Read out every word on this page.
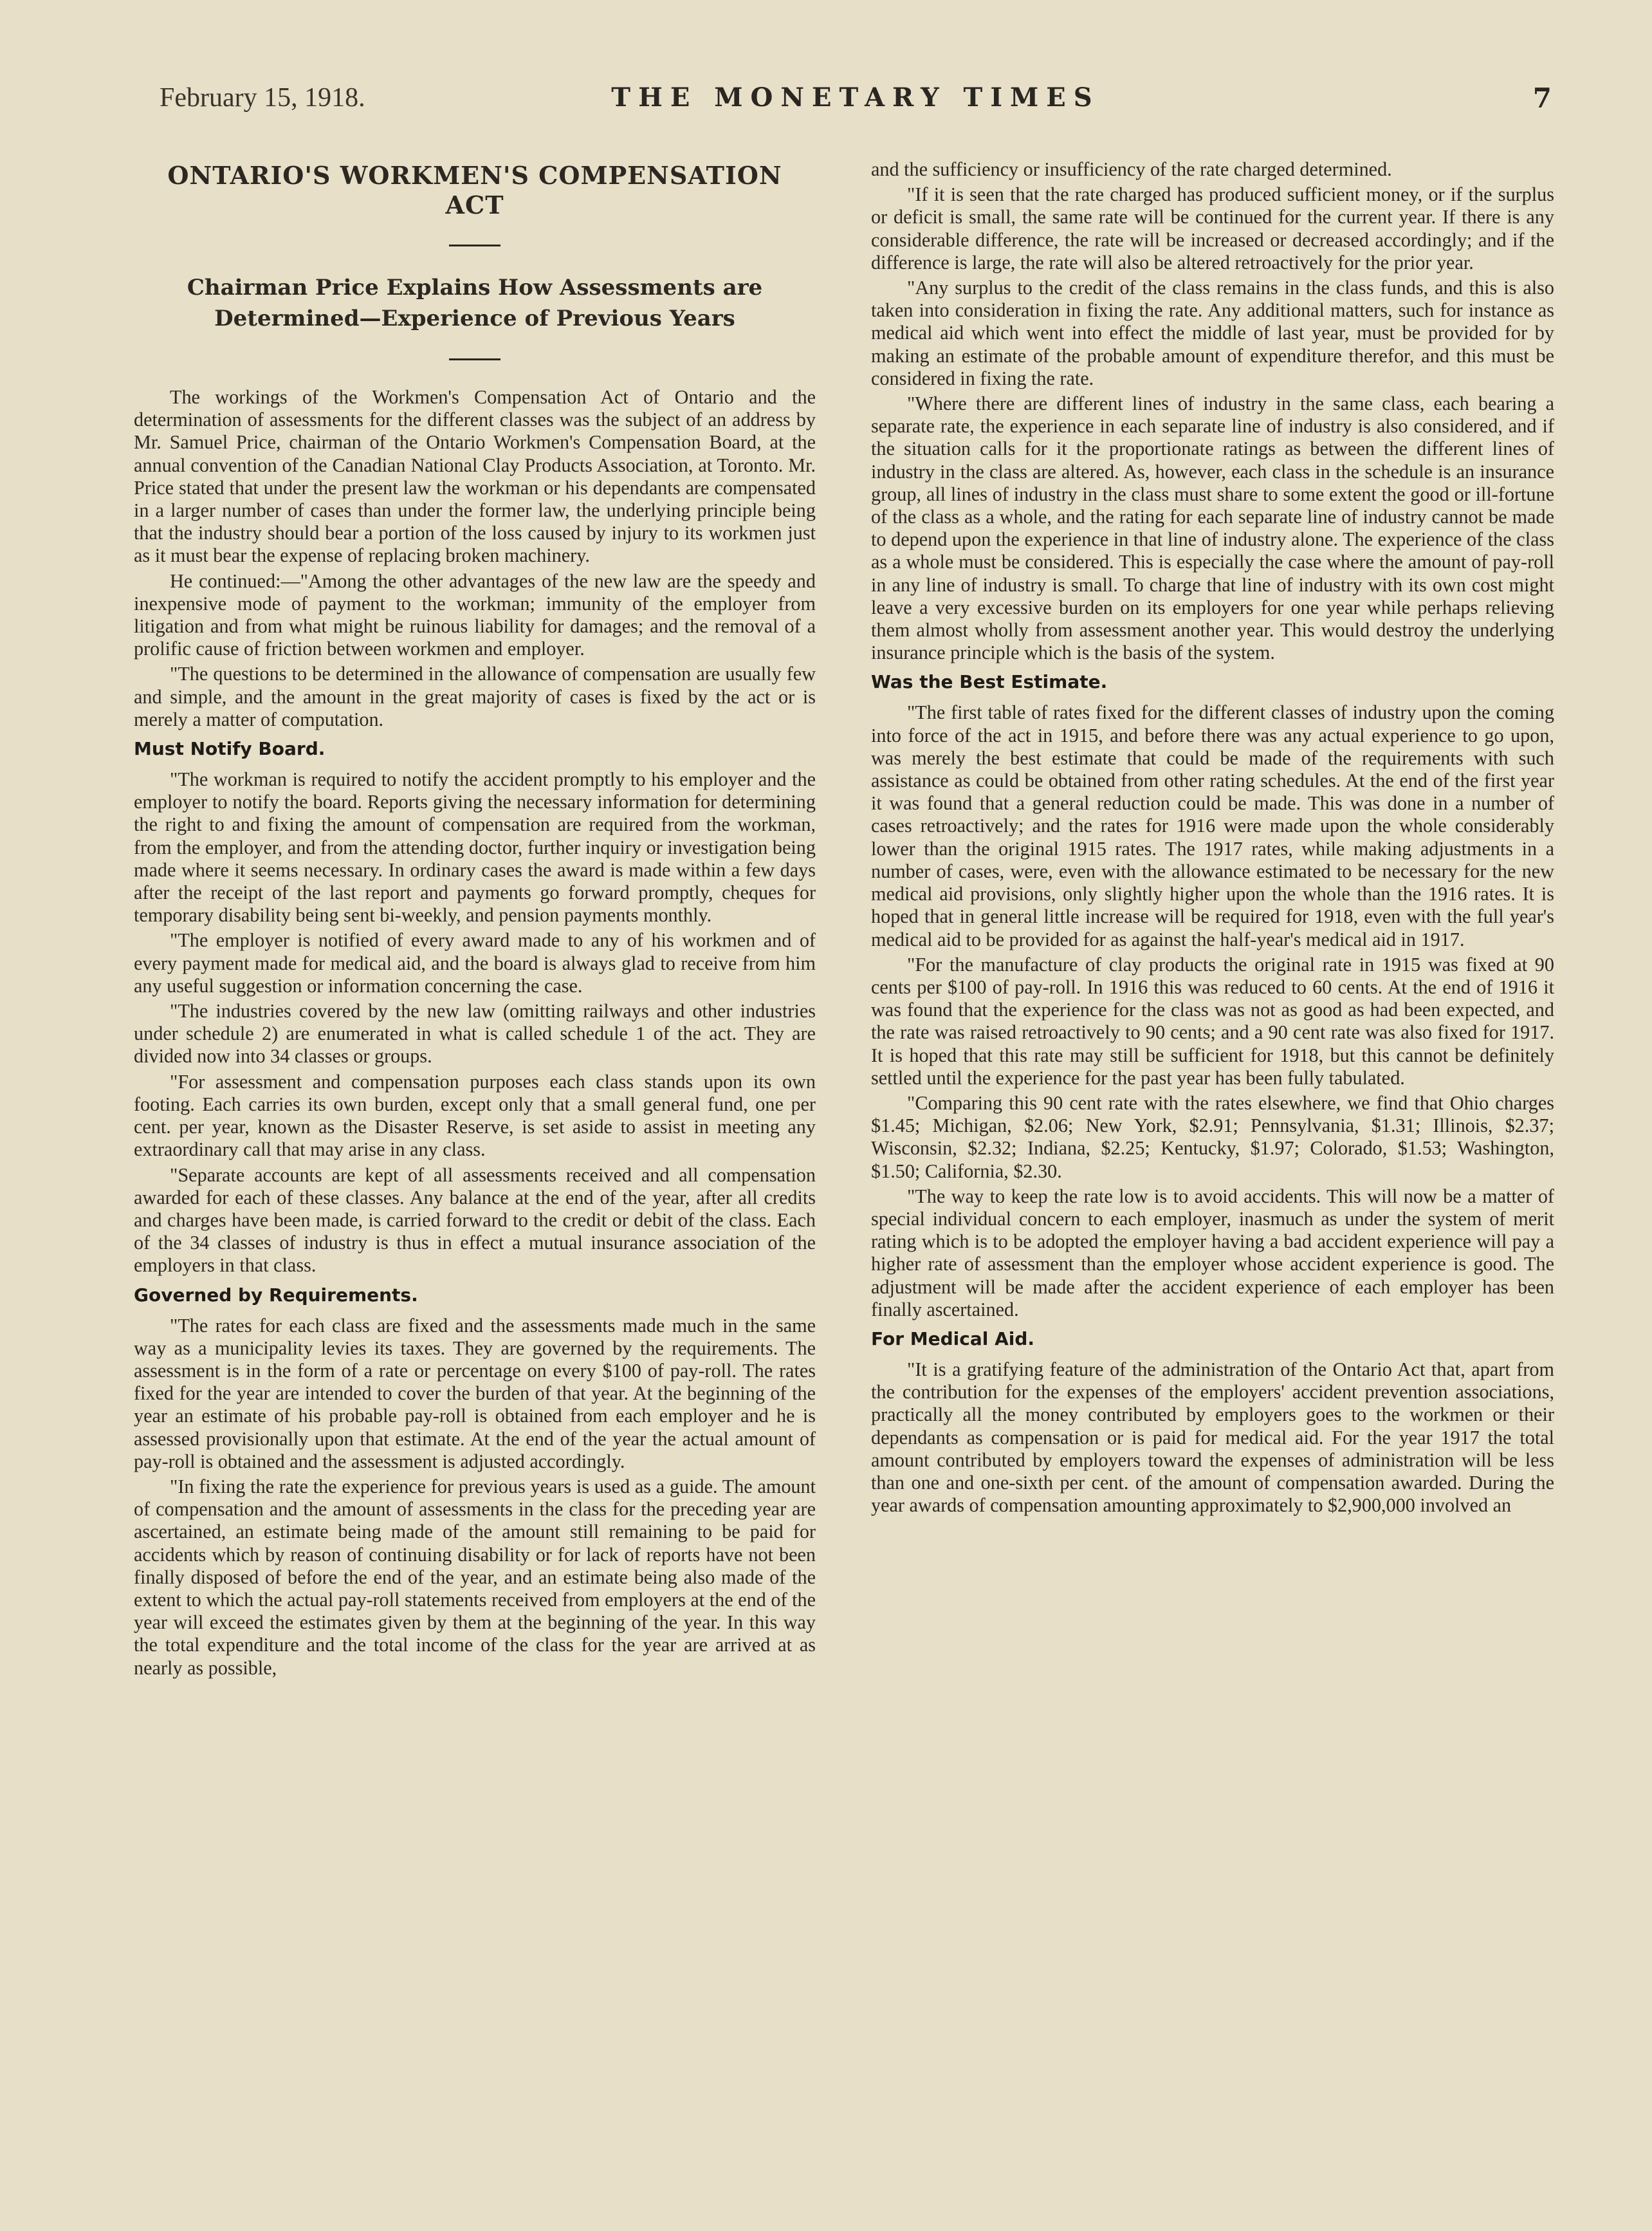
February 15, 1918.	THE MONETARY TIMES	7
ONTARIO'S WORKMEN'S COMPENSATION ACT
Chairman Price Explains How Assessments are Determined—Experience of Previous Years

The workings of the Workmen's Compensation Act of Ontario and the determination of assessments for the different classes was the subject of an address by Mr. Samuel Price, chairman of the Ontario Workmen's Compensation Board, at the annual convention of the Canadian National Clay Products Association, at Toronto. Mr. Price stated that under the present law the workman or his dependants are compensated in a larger number of cases than under the former law, the underlying principle being that the industry should bear a portion of the loss caused by injury to its workmen just as it must bear the expense of replacing broken machinery.

He continued:—"Among the other advantages of the new law are the speedy and inexpensive mode of payment to the workman; immunity of the employer from litigation and from what might be ruinous liability for damages; and the removal of a prolific cause of friction between workmen and employer.

"The questions to be determined in the allowance of compensation are usually few and simple, and the amount in the great majority of cases is fixed by the act or is merely a matter of computation.

Must Notify Board.

"The workman is required to notify the accident promptly to his employer and the employer to notify the board. Reports giving the necessary information for determining the right to and fixing the amount of compensation are required from the workman, from the employer, and from the attending doctor, further inquiry or investigation being made where it seems necessary. In ordinary cases the award is made within a few days after the receipt of the last report and payments go forward promptly, cheques for temporary disability being sent bi-weekly, and pension payments monthly.

"The employer is notified of every award made to any of his workmen and of every payment made for medical aid, and the board is always glad to receive from him any useful suggestion or information concerning the case.

"The industries covered by the new law (omitting railways and other industries under schedule 2) are enumerated in what is called schedule 1 of the act. They are divided now into 34 classes or groups.

"For assessment and compensation purposes each class stands upon its own footing. Each carries its own burden, except only that a small general fund, one per cent. per year, known as the Disaster Reserve, is set aside to assist in meeting any extraordinary call that may arise in any class.

"Separate accounts are kept of all assessments received and all compensation awarded for each of these classes. Any balance at the end of the year, after all credits and charges have been made, is carried forward to the credit or debit of the class. Each of the 34 classes of industry is thus in effect a mutual insurance association of the employers in that class.

Governed by Requirements.

"The rates for each class are fixed and the assessments made much in the same way as a municipality levies its taxes. They are governed by the requirements. The assessment is in the form of a rate or percentage on every $100 of pay-roll. The rates fixed for the year are intended to cover the burden of that year. At the beginning of the year an estimate of his probable pay-roll is obtained from each employer and he is assessed provisionally upon that estimate. At the end of the year the actual amount of pay-roll is obtained and the assessment is adjusted accordingly.

"In fixing the rate the experience for previous years is used as a guide. The amount of compensation and the amount of assessments in the class for the preceding year are ascertained, an estimate being made of the amount still remaining to be paid for accidents which by reason of continuing disability or for lack of reports have not been finally disposed of before the end of the year, and an estimate being also made of the extent to which the actual pay-roll statements received from employers at the end of the year will exceed the estimates given by them at the beginning of the year. In this way the total expenditure and the total income of the class for the year are arrived at as nearly as possible,

and the sufficiency or insufficiency of the rate charged determined.

"If it is seen that the rate charged has produced sufficient money, or if the surplus or deficit is small, the same rate will be continued for the current year. If there is any considerable difference, the rate will be increased or decreased accordingly; and if the difference is large, the rate will also be altered retroactively for the prior year.

"Any surplus to the credit of the class remains in the class funds, and this is also taken into consideration in fixing the rate. Any additional matters, such for instance as medical aid which went into effect the middle of last year, must be provided for by making an estimate of the probable amount of expenditure therefor, and this must be considered in fixing the rate.

"Where there are different lines of industry in the same class, each bearing a separate rate, the experience in each separate line of industry is also considered, and if the situation calls for it the proportionate ratings as between the different lines of industry in the class are altered. As, however, each class in the schedule is an insurance group, all lines of industry in the class must share to some extent the good or ill-fortune of the class as a whole, and the rating for each separate line of industry cannot be made to depend upon the experience in that line of industry alone. The experience of the class as a whole must be considered. This is especially the case where the amount of pay-roll in any line of industry is small. To charge that line of industry with its own cost might leave a very excessive burden on its employers for one year while perhaps relieving them almost wholly from assessment another year. This would destroy the underlying insurance principle which is the basis of the system.

Was the Best Estimate.

"The first table of rates fixed for the different classes of industry upon the coming into force of the act in 1915, and before there was any actual experience to go upon, was merely the best estimate that could be made of the requirements with such assistance as could be obtained from other rating schedules. At the end of the first year it was found that a general reduction could be made. This was done in a number of cases retroactively; and the rates for 1916 were made upon the whole considerably lower than the original 1915 rates. The 1917 rates, while making adjustments in a number of cases, were, even with the allowance estimated to be necessary for the new medical aid provisions, only slightly higher upon the whole than the 1916 rates. It is hoped that in general little increase will be required for 1918, even with the full year's medical aid to be provided for as against the half-year's medical aid in 1917.

"For the manufacture of clay products the original rate in 1915 was fixed at 90 cents per $100 of pay-roll. In 1916 this was reduced to 60 cents. At the end of 1916 it was found that the experience for the class was not as good as had been expected, and the rate was raised retroactively to 90 cents; and a 90 cent rate was also fixed for 1917. It is hoped that this rate may still be sufficient for 1918, but this cannot be definitely settled until the experience for the past year has been fully tabulated.

"Comparing this 90 cent rate with the rates elsewhere, we find that Ohio charges $1.45; Michigan, $2.06; New York, $2.91; Pennsylvania, $1.31; Illinois, $2.37; Wisconsin, $2.32; Indiana, $2.25; Kentucky, $1.97; Colorado, $1.53; Washington, $1.50; California, $2.30.

"The way to keep the rate low is to avoid accidents. This will now be a matter of special individual concern to each employer, inasmuch as under the system of merit rating which is to be adopted the employer having a bad accident experience will pay a higher rate of assessment than the employer whose accident experience is good. The adjustment will be made after the accident experience of each employer has been finally ascertained.

For Medical Aid.

"It is a gratifying feature of the administration of the Ontario Act that, apart from the contribution for the expenses of the employers' accident prevention associations, practically all the money contributed by employers goes to the workmen or their dependants as compensation or is paid for medical aid. For the year 1917 the total amount contributed by employers toward the expenses of administration will be less than one and one-sixth per cent. of the amount of compensation awarded. During the year awards of compensation amounting approximately to $2,900,000 involved an
